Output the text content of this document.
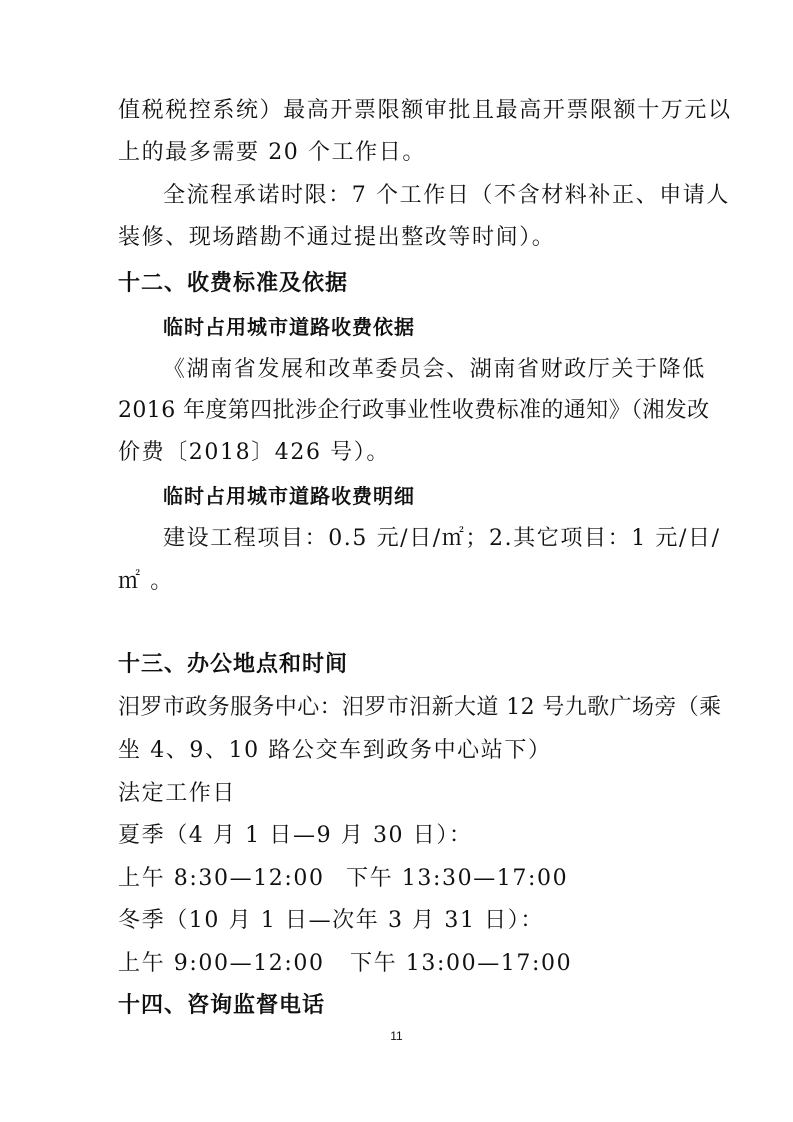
值税税控系统）最高开票限额审批且最高开票限额十万元以
上的最多需要 20 个工作日。
全流程承诺时限：7 个工作日（不含材料补正、申请人
装修、现场踏勘不通过提出整改等时间）。
十二、收费标准及依据
临时占用城市道路收费依据
《湖南省发展和改革委员会、湖南省财政厅关于降低
2016 年度第四批涉企行政事业性收费标准的通知》（湘发改
价费〔2018〕426 号）。
临时占用城市道路收费明细
建设工程项目：0.5 元/日/㎡；2.其它项目：1 元/日/
㎡ 。
十三、办公地点和时间
汨罗市政务服务中心：汨罗市汨新大道 12 号九歌广场旁（乘
坐 4、9、10 路公交车到政务中心站下）
法定工作日
夏季（4 月 1 日—9 月 30 日）：
上午 8:30—12:00 下午 13:30—17:00
冬季（10 月 1 日—次年 3 月 31 日）：
上午 9:00—12:00 下午 13:00—17:00
十四、咨询监督电话
11
